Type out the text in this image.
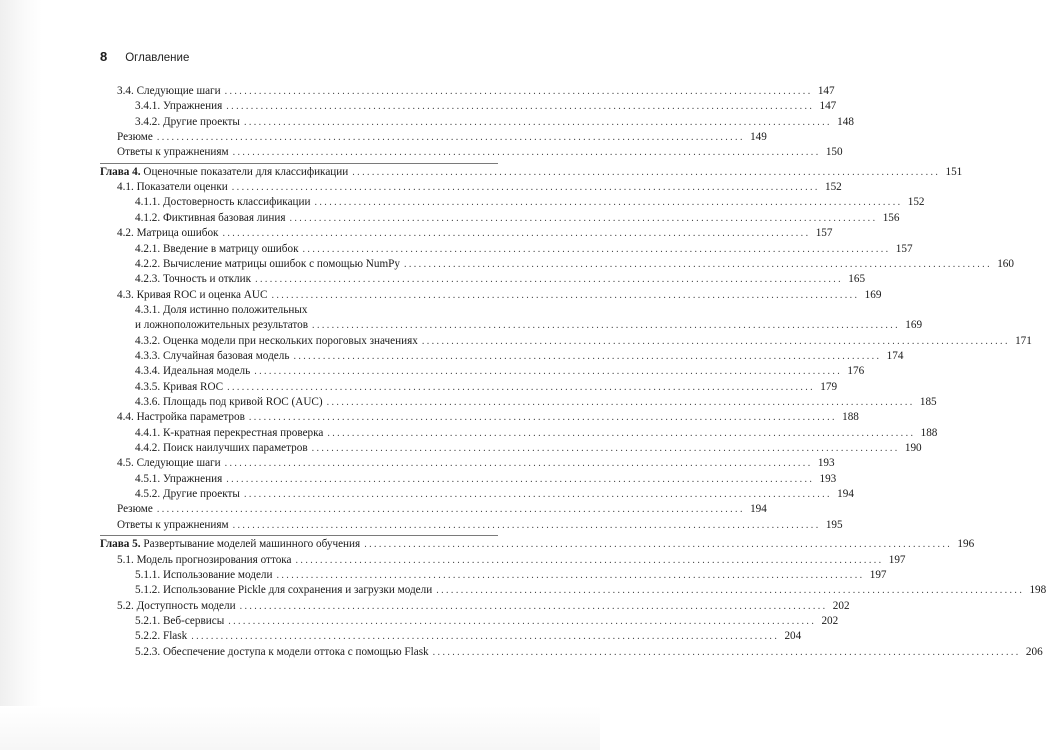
8 Оглавление
3.4. Следующие шаги ........................................................................................................................ 147
3.4.1. Упражнения ........................................................................................................................ 147
3.4.2. Другие проекты ........................................................................................................................ 148
Резюме ........................................................................................................................ 149
Ответы к упражнениям ........................................................................................................................ 150
Глава 4. Оценочные показатели для классификации ........................................................................................................................ 151
4.1. Показатели оценки ........................................................................................................................ 152
4.1.1. Достоверность классификации ........................................................................................................................ 152
4.1.2. Фиктивная базовая линия ........................................................................................................................ 156
4.2. Матрица ошибок ........................................................................................................................ 157
4.2.1. Введение в матрицу ошибок ........................................................................................................................ 157
4.2.2. Вычисление матрицы ошибок с помощью NumPy ........................................................................................................................ 160
4.2.3. Точность и отклик ........................................................................................................................ 165
4.3. Кривая ROC и оценка AUC ........................................................................................................................ 169
4.3.1. Доля истинно положительных
и ложноположительных результатов ........................................................................................................................ 169
4.3.2. Оценка модели при нескольких пороговых значениях ........................................................................................................................ 171
4.3.3. Случайная базовая модель ........................................................................................................................ 174
4.3.4. Идеальная модель ........................................................................................................................ 176
4.3.5. Кривая ROC ........................................................................................................................ 179
4.3.6. Площадь под кривой ROC (AUC) ........................................................................................................................ 185
4.4. Настройка параметров ........................................................................................................................ 188
4.4.1. К-кратная перекрестная проверка ........................................................................................................................ 188
4.4.2. Поиск наилучших параметров ........................................................................................................................ 190
4.5. Следующие шаги ........................................................................................................................ 193
4.5.1. Упражнения ........................................................................................................................ 193
4.5.2. Другие проекты ........................................................................................................................ 194
Резюме ........................................................................................................................ 194
Ответы к упражнениям ........................................................................................................................ 195
Глава 5. Развертывание моделей машинного обучения ........................................................................................................................ 196
5.1. Модель прогнозирования оттока ........................................................................................................................ 197
5.1.1. Использование модели ........................................................................................................................ 197
5.1.2. Использование Pickle для сохранения и загрузки модели ........................................................................................................................ 198
5.2. Доступность модели ........................................................................................................................ 202
5.2.1. Веб-сервисы ........................................................................................................................ 202
5.2.2. Flask ........................................................................................................................ 204
5.2.3. Обеспечение доступа к модели оттока с помощью Flask ........................................................................................................................ 206
